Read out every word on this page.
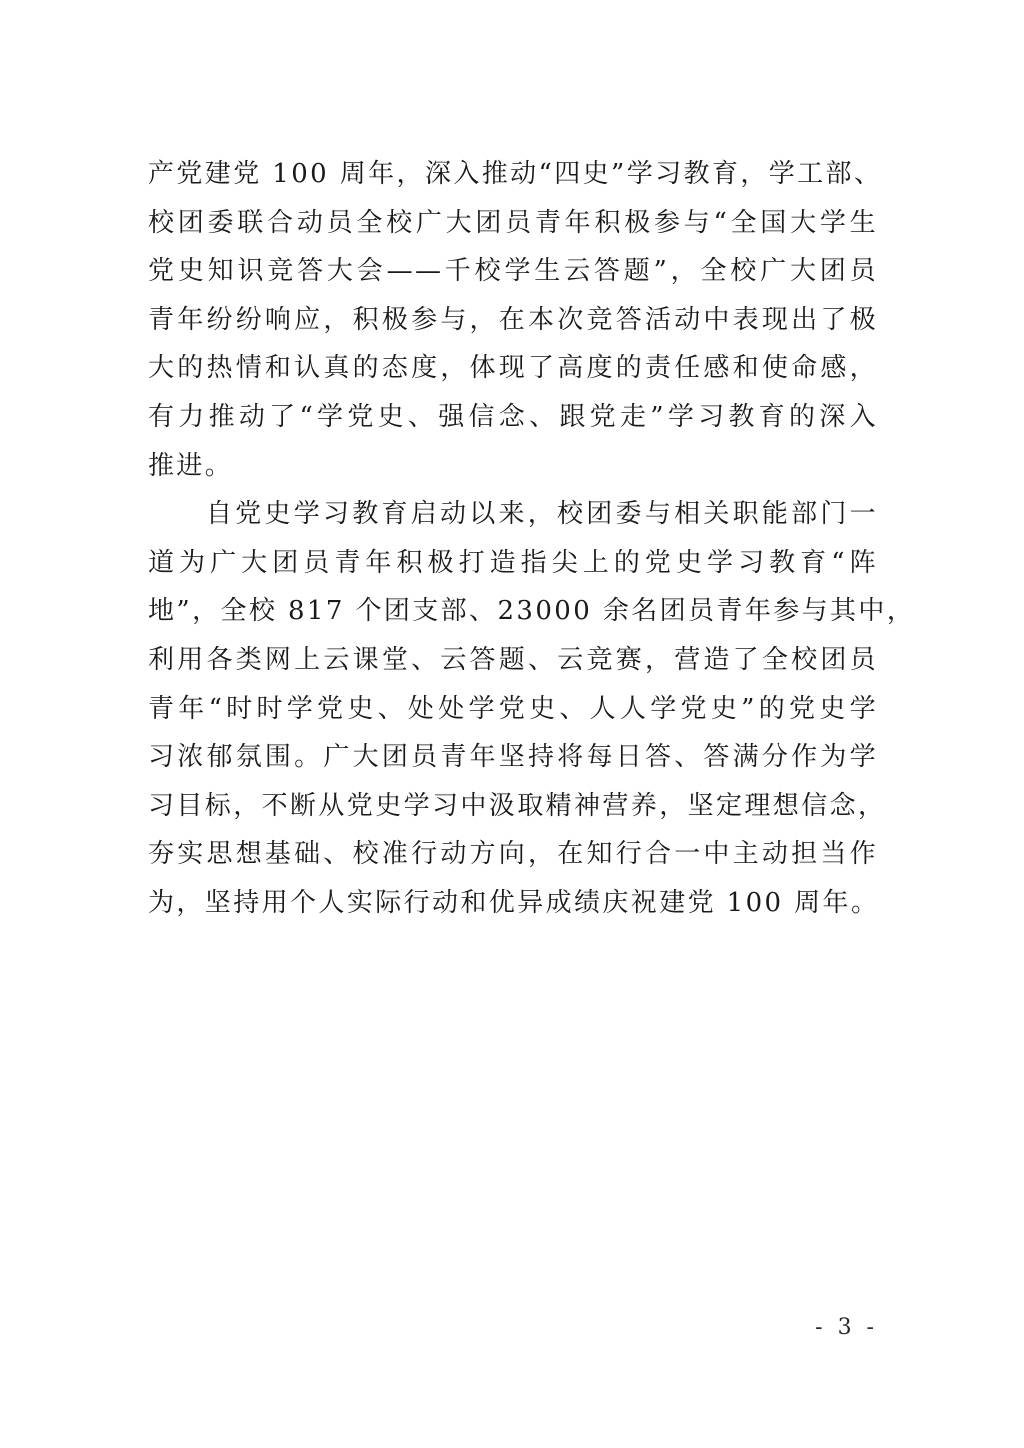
产党建党 100 周年，深入推动“四史”学习教育，学工部、
校团委联合动员全校广大团员青年积极参与“全国大学生
党史知识竞答大会——千校学生云答题”，全校广大团员
青年纷纷响应，积极参与，在本次竞答活动中表现出了极
大的热情和认真的态度，体现了高度的责任感和使命感，
有力推动了“学党史、强信念、跟党走”学习教育的深入
推进。
自党史学习教育启动以来，校团委与相关职能部门一
道为广大团员青年积极打造指尖上的党史学习教育“阵
地”，全校 817 个团支部、23000 余名团员青年参与其中，
利用各类网上云课堂、云答题、云竞赛，营造了全校团员
青年“时时学党史、处处学党史、人人学党史”的党史学
习浓郁氛围。广大团员青年坚持将每日答、答满分作为学
习目标，不断从党史学习中汲取精神营养，坚定理想信念，
夯实思想基础、校准行动方向，在知行合一中主动担当作
为，坚持用个人实际行动和优异成绩庆祝建党 100 周年。
- 3 -
